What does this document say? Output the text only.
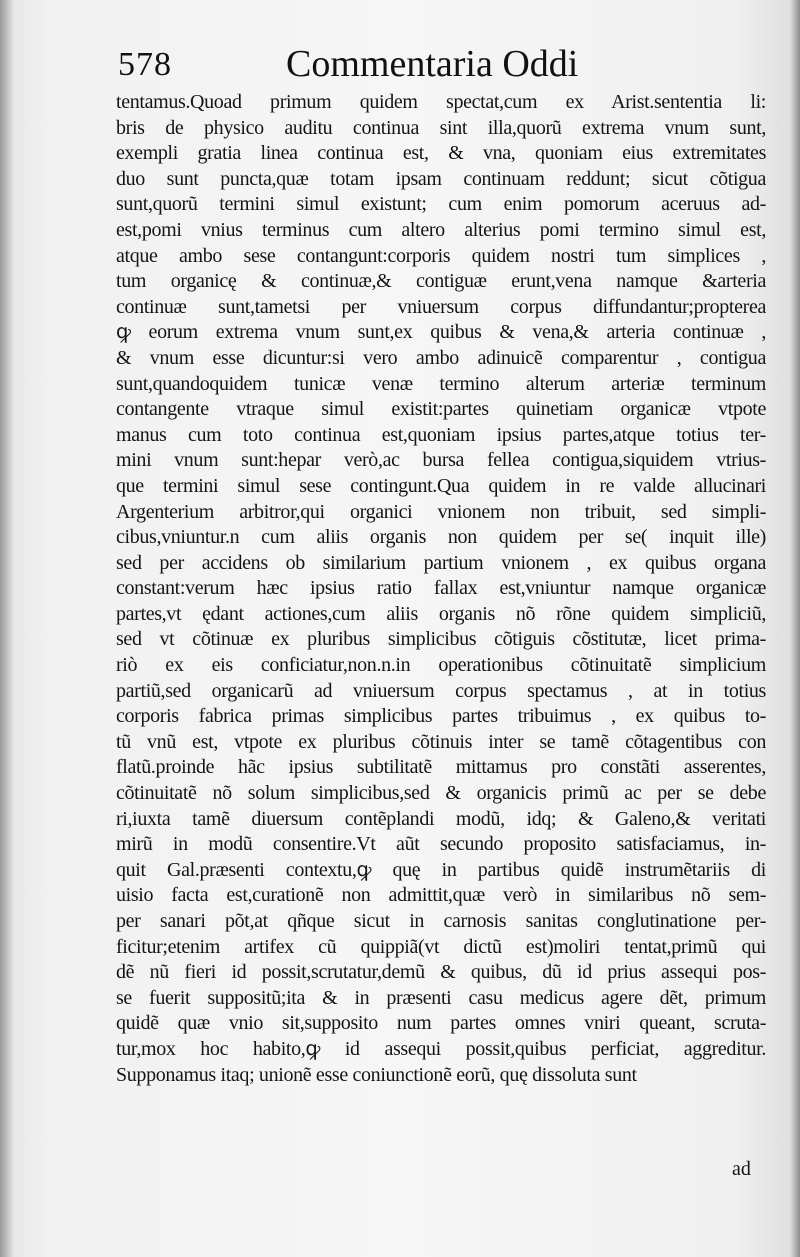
578	Commentaria Oddi
tentamus.Quoad primum quidem spectat,cum ex Arist.sententia li:
bris de physico auditu continua sint illa,quorũ extrema vnum sunt,
exempli gratia linea continua est, & vna, quoniam eius extremitates
duo sunt puncta,quæ totam ipsam continuam reddunt; sicut cõtigua
sunt,quorũ termini simul existunt; cum enim pomorum aceruus ad-
est,pomi vnius terminus cum altero alterius pomi termino simul est,
atque ambo sese contangunt:corporis quidem nostri tum simplices ,
tum organicę & continuæ,& contiguæ erunt,vena namque &arteria
continuæ sunt,tametsi per vniuersum corpus diffundantur;propterea
ꝙ eorum extrema vnum sunt,ex quibus & vena,& arteria continuæ ,
& vnum esse dicuntur:si vero ambo adinuicẽ comparentur , contigua
sunt,quandoquidem tunicæ venæ termino alterum arteriæ terminum
contangente vtraque simul existit:partes quinetiam organicæ vtpote
manus cum toto continua est,quoniam ipsius partes,atque totius ter-
mini vnum sunt:hepar verò,ac bursa fellea contigua,siquidem vtrius-
que termini simul sese contingunt.Qua quidem in re valde allucinari
Argenterium arbitror,qui organici vnionem non tribuit, sed simpli-
cibus,vniuntur.n cum aliis organis non quidem per se( inquit ille)
sed per accidens ob similarium partium vnionem , ex quibus organa
constant:verum hæc ipsius ratio fallax est,vniuntur namque organicæ
partes,vt ędant actiones,cum aliis organis nõ rõne quidem simpliciũ,
sed vt cõtinuæ ex pluribus simplicibus cõtiguis cõstitutæ, licet prima-
riò ex eis conficiatur,non.n.in operationibus cõtinuitatẽ simplicium
partiũ,sed organicarũ ad vniuersum corpus spectamus , at in totius
corporis fabrica primas simplicibus partes tribuimus , ex quibus to-
tũ vnũ est, vtpote ex pluribus cõtinuis inter se tamẽ cõtagentibus con
flatũ.proinde hãc ipsius subtilitatẽ mittamus pro constãti asserentes,
cõtinuitatẽ nõ solum simplicibus,sed & organicis primũ ac per se debe
ri,iuxta tamẽ diuersum contẽplandi modũ, idq; & Galeno,& veritati
mirũ in modũ consentire.Vt aũt secundo proposito satisfaciamus, in-
quit Gal.præsenti contextu,ꝙ quę in partibus quidẽ instrumẽtariis di
uisio facta est,curationẽ non admittit,quæ verò in similaribus nõ sem-
per sanari põt,at qñque sicut in carnosis sanitas conglutinatione per-
ficitur;etenim artifex cũ quippiã(vt dictũ est)moliri tentat,primũ qui
dẽ nũ fieri id possit,scrutatur,demũ & quibus, dũ id prius assequi pos-
se fuerit suppositũ;ita & in præsenti casu medicus agere dẽt, primum
quidẽ quæ vnio sit,supposito num partes omnes vniri queant, scruta-
tur,mox hoc habito,ꝙ id assequi possit,quibus perficiat, aggreditur.
Supponamus itaq; unionẽ esse coniunctionẽ eorũ, quę dissoluta sunt
ad
